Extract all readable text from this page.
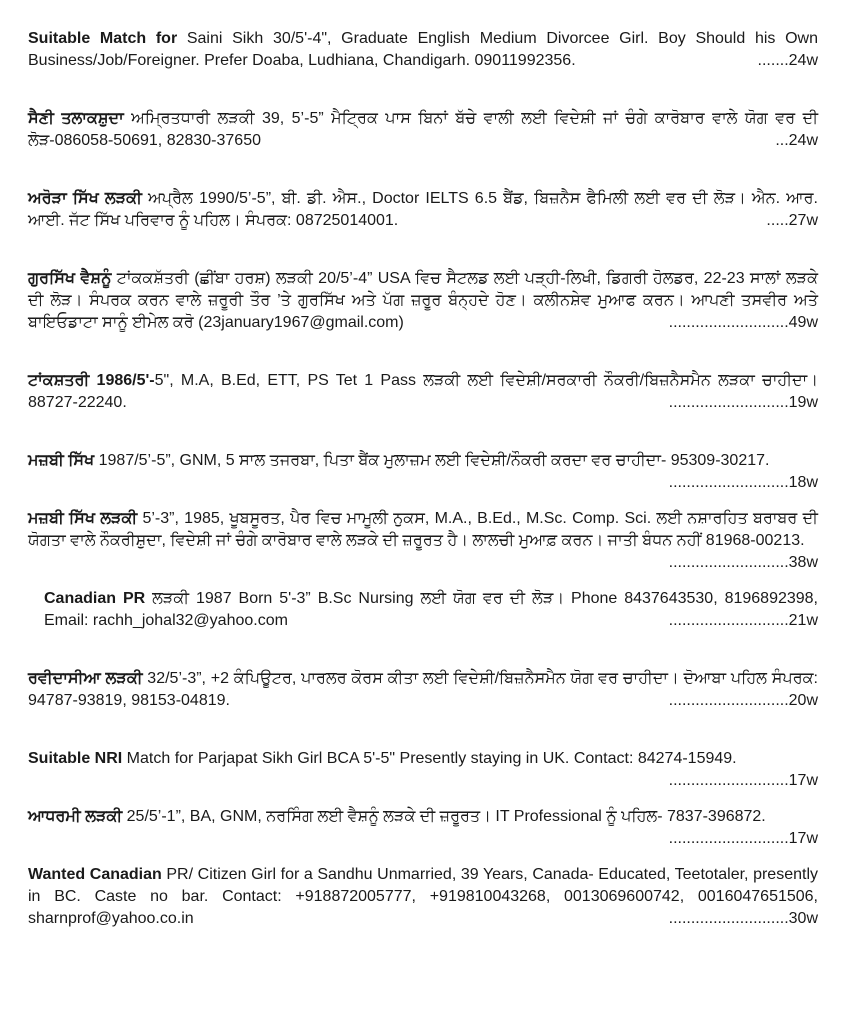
Suitable Match for Saini Sikh 30/5'-4", Graduate English Medium Divorcee Girl. Boy Should his Own Business/Job/Foreigner. Prefer Doaba, Ludhiana, Chandigarh. 09011992356.	.......24w
ਸੈਣੀ ਤਲਾਕਸ਼ੁਦਾ ਅਮ੍ਰਿਤਧਾਰੀ ਲੜਕੀ 39, 5’-5” ਮੈਟ੍ਰਿਕ ਪਾਸ ਬਿਨਾਂ ਬੱਚੇ ਵਾਲੀ ਲਈ ਵਿਦੇਸ਼ੀ ਜਾਂ ਚੰਗੇ ਕਾਰੋਬਾਰ ਵਾਲੇ ਯੋਗ ਵਰ ਦੀ ਲੋੜ-086058-50691, 82830-37650	...24w
ਅਰੋੜਾ ਸਿੱਖ ਲੜਕੀ ਅਪ੍ਰੈਲ 1990/5’-5”, ਬੀ. ਡੀ. ਐਸ., Doctor IELTS 6.5 ਬੈਂਡ, ਬਿਜ਼ਨੈਸ ਫੈਮਿਲੀ ਲਈ ਵਰ ਦੀ ਲੋੜ। ਐਨ. ਆਰ. ਆਈ. ਜੱਟ ਸਿੱਖ ਪਰਿਵਾਰ ਨੂੰ ਪਹਿਲ। ਸੰਪਰਕ: 08725014001.	.....27w
ਗੁਰਸਿੱਖ ਵੈਸ਼ਨੂੰ ਟਾਂਕਕਸ਼ੱਤਰੀ (ਛੀਂਬਾ ਹਰਸ਼) ਲੜਕੀ 20/5’-4” USA ਵਿਚ ਸੈਟਲਡ ਲਈ ਪੜ੍ਹੀ-ਲਿਖੀ, ਡਿਗਰੀ ਹੋਲਡਰ, 22-23 ਸਾਲਾਂ ਲੜਕੇ ਦੀ ਲੋੜ। ਸੰਪਰਕ ਕਰਨ ਵਾਲੇ ਜ਼ਰੂਰੀ ਤੌਰ ’ਤੇ ਗੁਰਸਿੱਖ ਅਤੇ ਪੱਗ ਜ਼ਰੂਰ ਬੰਨ੍ਹਦੇ ਹੋਣ। ਕਲੀਨਸ਼ੇਵ ਮੁਆਫ ਕਰਨ। ਆਪਣੀ ਤਸਵੀਰ ਅਤੇ ਬਾਇਓਡਾਟਾ ਸਾਨੂੰ ਈਮੇਲ ਕਰੋ (23january1967@gmail.com)	...........................49w
ਟਾਂਕਸ਼ਤਰੀ 1986/5'-5", M.A, B.Ed, ETT, PS Tet 1 Pass ਲੜਕੀ ਲਈ ਵਿਦੇਸ਼ੀ/ਸਰਕਾਰੀ ਨੌਕਰੀ/ਬਿਜ਼ਨੈਸਮੈਨ ਲੜਕਾ ਚਾਹੀਦਾ। 88727-22240.	...........................19w
ਮਜ਼ਬੀ ਸਿੱਖ 1987/5’-5”, GNM, 5 ਸਾਲ ਤਜਰਬਾ, ਪਿਤਾ ਬੈਂਕ ਮੁਲਾਜ਼ਮ ਲਈ ਵਿਦੇਸ਼ੀ/ਨੌਕਰੀ ਕਰਦਾ ਵਰ ਚਾਹੀਦਾ- 95309-30217.
...........................18w
ਮਜ਼ਬੀ ਸਿੱਖ ਲੜਕੀ 5’-3”, 1985, ਖੂਬਸੂਰਤ, ਪੈਰ ਵਿਚ ਮਾਮੂਲੀ ਨੁਕਸ, M.A., B.Ed., M.Sc. Comp. Sci. ਲਈ ਨਸ਼ਾਰਹਿਤ ਬਰਾਬਰ ਦੀ ਯੋਗਤਾ ਵਾਲੇ ਨੌਕਰੀਸ਼ੁਦਾ, ਵਿਦੇਸ਼ੀ ਜਾਂ ਚੰਗੇ ਕਾਰੋਬਾਰ ਵਾਲੇ ਲੜਕੇ ਦੀ ਜ਼ਰੂਰਤ ਹੈ। ਲਾਲਚੀ ਮੁਆਫ਼ ਕਰਨ। ਜਾਤੀ ਬੰਧਨ ਨਹੀਂ 81968-00213.
...........................38w
Canadian PR ਲੜਕੀ 1987 Born 5'-3” B.Sc Nursing ਲਈ ਯੋਗ ਵਰ ਦੀ ਲੋੜ। Phone 8437643530, 8196892398, Email: rachh_johal32@yahoo.com	...........................21w
ਰਵੀਦਾਸੀਆ ਲੜਕੀ 32/5’-3”, +2 ਕੰਪਿਊਟਰ, ਪਾਰਲਰ ਕੋਰਸ ਕੀਤਾ ਲਈ ਵਿਦੇਸ਼ੀ/ਬਿਜ਼ਨੈਸਮੈਨ ਯੋਗ ਵਰ ਚਾਹੀਦਾ। ਦੋਆਬਾ ਪਹਿਲ ਸੰਪਰਕ: 94787-93819, 98153-04819.	...........................20w
Suitable NRI Match for Parjapat Sikh Girl BCA 5'-5" Presently staying in UK. Contact: 84274-15949.
...........................17w
ਆਧਰਮੀ ਲੜਕੀ 25/5’-1”, BA, GNM, ਨਰਸਿੰਗ ਲਈ ਵੈਸ਼ਨੂੰ ਲੜਕੇ ਦੀ ਜ਼ਰੂਰਤ। IT Professional ਨੂੰ ਪਹਿਲ- 7837-396872.
...........................17w
Wanted Canadian PR/ Citizen Girl for a Sandhu Unmarried, 39 Years, Canada- Educated, Teetotaler, presently in BC. Caste no bar. Contact: +918872005777, +919810043268, 0013069600742, 0016047651506, sharnprof@yahoo.co.in	...........................30w
